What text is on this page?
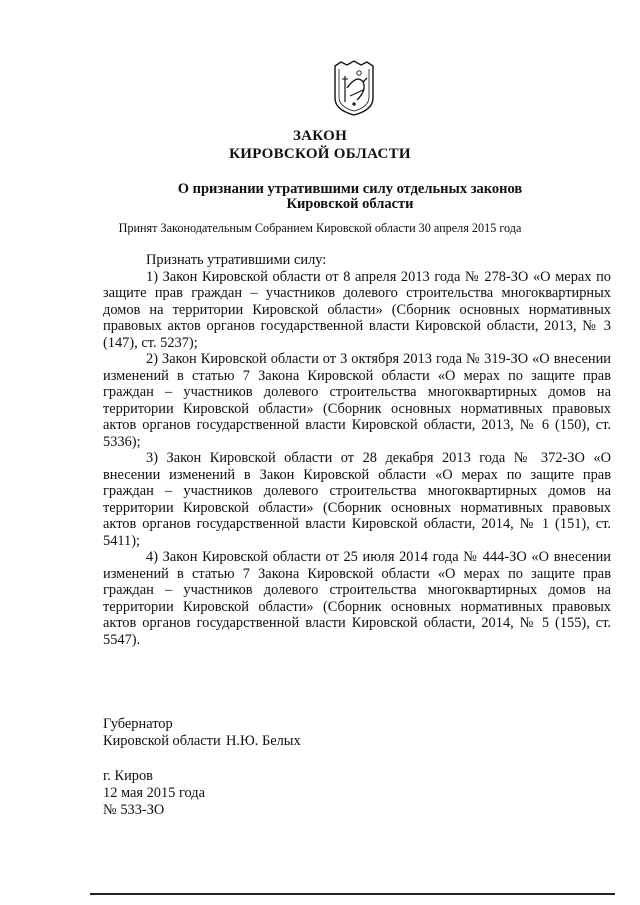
ЗАКОН
КИРОВСКОЙ ОБЛАСТИ
О признании утратившими силу отдельных законов Кировской области
Принят Законодательным Собранием Кировской области 30 апреля 2015 года

Признать утратившими силу:

1) Закон Кировской области от 8 апреля 2013 года № 278-ЗО «О мерах по защите прав граждан – участников долевого строительства многоквартирных домов на территории Кировской области» (Сборник основных нормативных правовых актов органов государственной власти Кировской области, 2013, № 3 (147), ст. 5237);

2) Закон Кировской области от 3 октября 2013 года № 319-ЗО «О внесении изменений в статью 7 Закона Кировской области «О мерах по защите прав граждан – участников долевого строительства многоквартирных домов на территории Кировской области» (Сборник основных нормативных правовых актов органов государственной власти Кировской области, 2013, № 6 (150), ст. 5336);

3) Закон Кировской области от 28 декабря 2013 года № 372-ЗО «О внесении изменений в Закон Кировской области «О мерах по защите прав граждан – участников долевого строительства многоквартирных домов на территории Кировской области» (Сборник основных нормативных правовых актов органов государственной власти Кировской области, 2014, № 1 (151), ст. 5411);

4) Закон Кировской области от 25 июля 2014 года № 444-ЗО «О внесении изменений в статью 7 Закона Кировской области «О мерах по защите прав граждан – участников долевого строительства многоквартирных домов на территории Кировской области» (Сборник основных нормативных правовых актов органов государственной власти Кировской области, 2014, № 5 (155), ст. 5547).

Губернатор
Кировской области Н.Ю. Белых
г. Киров
12 мая 2015 года
№ 533-ЗО
